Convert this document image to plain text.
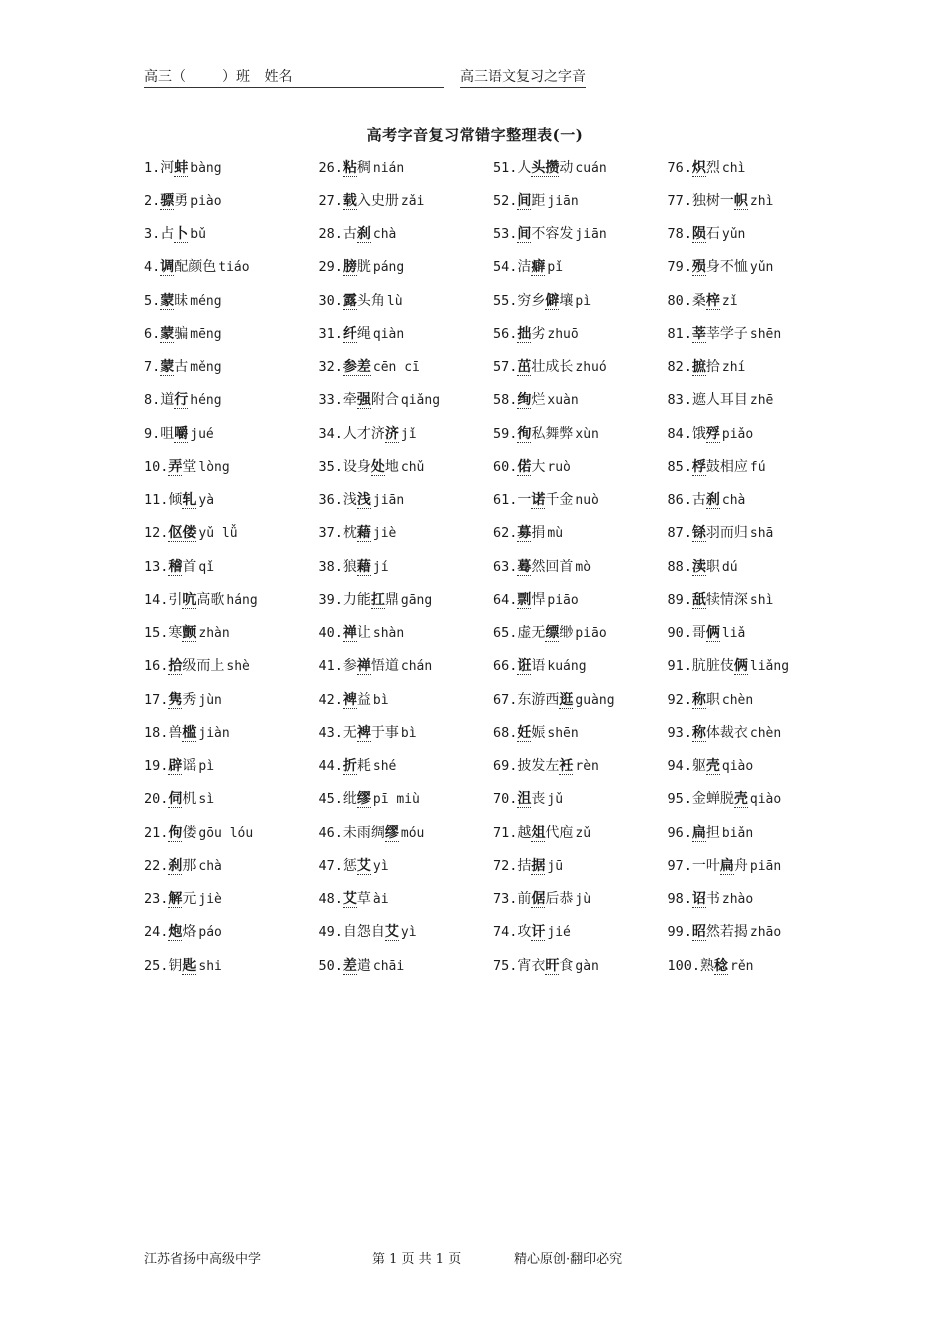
高三（	）班 姓名	高三语文复习之字音
高考字音复习常错字整理表(一)
1.河蚌 bàng	26.粘稠 nián	51.人头攒动 cuán	76.炽烈 chì
2.骠勇 piào	27.载入史册 zǎi	52.间距 jiān	77.独树一帜 zhì
3.占卜 bǔ	28.古刹 chà	53.间不容发 jiān	78.陨石 yǔn
4.调配颜色 tiáo	29.膀胱 páng	54.洁癖 pǐ	79.殒身不恤 yǔn
5.蒙昧 méng	30.露头角 lù	55.穷乡僻壤 pì	80.桑梓 zǐ
6.蒙骗 mēng	31.纤绳 qiàn	56.拙劣 zhuō	81.莘莘学子 shēn
7.蒙古 měng	32.参差 cēn cī	57.茁壮成长 zhuó	82.摭拾 zhí
8.道行 héng	33.牵强附合 qiǎng	58.绚烂 xuàn	83.遮人耳目 zhē
9.咀嚼 jué	34.人才济济 jǐ	59.徇私舞弊 xùn	84.饿殍 piǎo
10.弄堂 lòng	35.设身处地 chǔ	60.偌大 ruò	85.桴鼓相应 fú
11.倾轧 yà	36.浅浅 jiān	61.一诺千金 nuò	86.古刹 chà
12.伛偻 yǔ lǚ	37.枕藉 jiè	62.募捐 mù	87.铩羽而归 shā
13.稽首 qǐ	38.狼藉 jí	63.蓦然回首 mò	88.渎职 dú
14.引吭高歌 háng	39.力能扛鼎 gāng	64.剽悍 piāo	89.舐犊情深 shì
15.寒颤 zhàn	40.禅让 shàn	65.虚无缥缈 piāo	90.哥俩 liǎ
16.拾级而上 shè	41.参禅悟道 chán	66.诳语 kuáng	91.肮脏伎俩 liǎng
17.隽秀 jùn	42.裨益 bì	67.东游西逛 guàng	92.称职 chèn
18.兽槛 jiàn	43.无裨于事 bì	68.妊娠 shēn	93.称体裁衣 chèn
19.辟谣 pì	44.折耗 shé	69.披发左衽 rèn	94.躯壳 qiào
20.伺机 sì	45.纰缪 pī miù	70.沮丧 jǔ	95.金蝉脱壳 qiào
21.佝偻 gōu lóu	46.未雨绸缪 móu	71.越俎代庖 zǔ	96.扁担 biǎn
22.刹那 chà	47.惩艾 yì	72.拮据 jū	97.一叶扁舟 piān
23.解元 jiè	48.艾草 ài	73.前倨后恭 jù	98.诏书 zhào
24.炮烙 páo	49.自怨自艾 yì	74.攻讦 jié	99.昭然若揭 zhāo
25.钥匙 shi	50.差遣 chāi	75.宵衣旰食 gàn	100.熟稔 rěn
江苏省扬中高级中学	第 1 页 共 1 页	精心原创·翻印必究
